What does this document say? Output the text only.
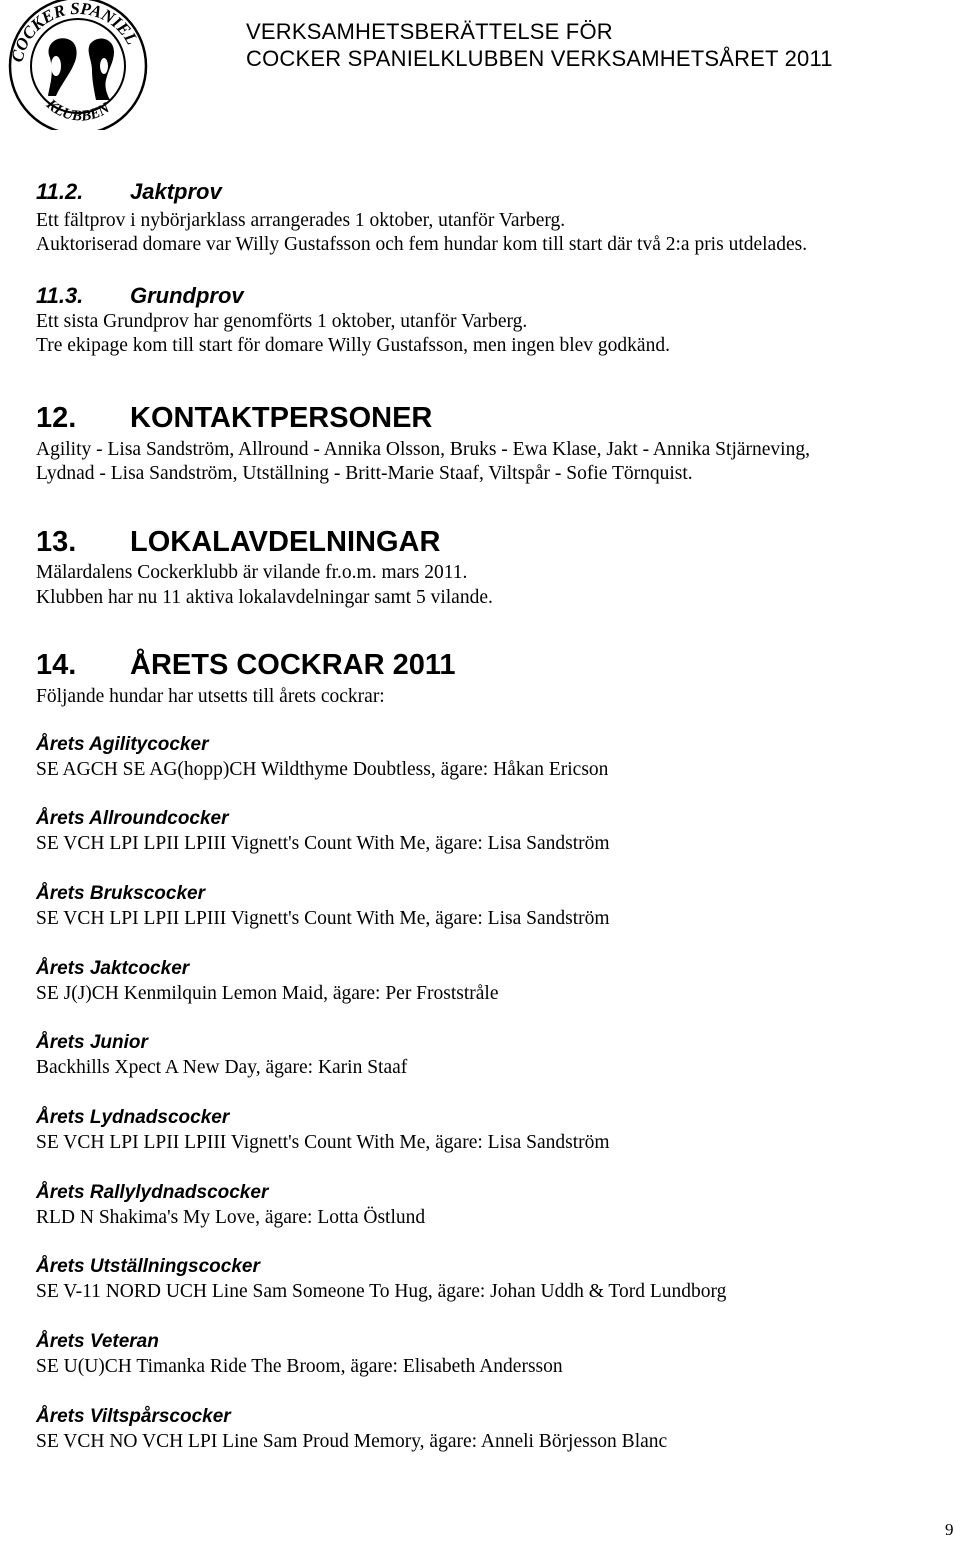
COCKER SPANIEL
KLUBBEN
VERKSAMHETSBERÄTTELSE FÖR
COCKER SPANIELKLUBBEN VERKSAMHETSÅRET 2011
11.2. Jaktprov
Ett fältprov i nybörjarklass arrangerades 1 oktober, utanför Varberg.
Auktoriserad domare var Willy Gustafsson och fem hundar kom till start där två 2:a pris utdelades.
11.3. Grundprov
Ett sista Grundprov har genomförts 1 oktober, utanför Varberg.
Tre ekipage kom till start för domare Willy Gustafsson, men ingen blev godkänd.
12. KONTAKTPERSONER
Agility - Lisa Sandström, Allround - Annika Olsson, Bruks - Ewa Klase, Jakt - Annika Stjärneving,
Lydnad - Lisa Sandström, Utställning - Britt-Marie Staaf, Viltspår - Sofie Törnquist.
13. LOKALAVDELNINGAR
Mälardalens Cockerklubb är vilande fr.o.m. mars 2011.
Klubben har nu 11 aktiva lokalavdelningar samt 5 vilande.
14. ÅRETS COCKRAR 2011
Följande hundar har utsetts till årets cockrar:
Årets Agilitycocker
SE AGCH SE AG(hopp)CH Wildthyme Doubtless, ägare: Håkan Ericson
Årets Allroundcocker
SE VCH LPI LPII LPIII Vignett's Count With Me, ägare: Lisa Sandström
Årets Brukscocker
SE VCH LPI LPII LPIII Vignett's Count With Me, ägare: Lisa Sandström
Årets Jaktcocker
SE J(J)CH Kenmilquin Lemon Maid, ägare: Per Froststråle
Årets Junior
Backhills Xpect A New Day, ägare: Karin Staaf
Årets Lydnadscocker
SE VCH LPI LPII LPIII Vignett's Count With Me, ägare: Lisa Sandström
Årets Rallylydnadscocker
RLD N Shakima's My Love, ägare: Lotta Östlund
Årets Utställningscocker
SE V-11 NORD UCH Line Sam Someone To Hug, ägare: Johan Uddh & Tord Lundborg
Årets Veteran
SE U(U)CH Timanka Ride The Broom, ägare: Elisabeth Andersson
Årets Viltspårscocker
SE VCH NO VCH LPI Line Sam Proud Memory, ägare: Anneli Börjesson Blanc
9
